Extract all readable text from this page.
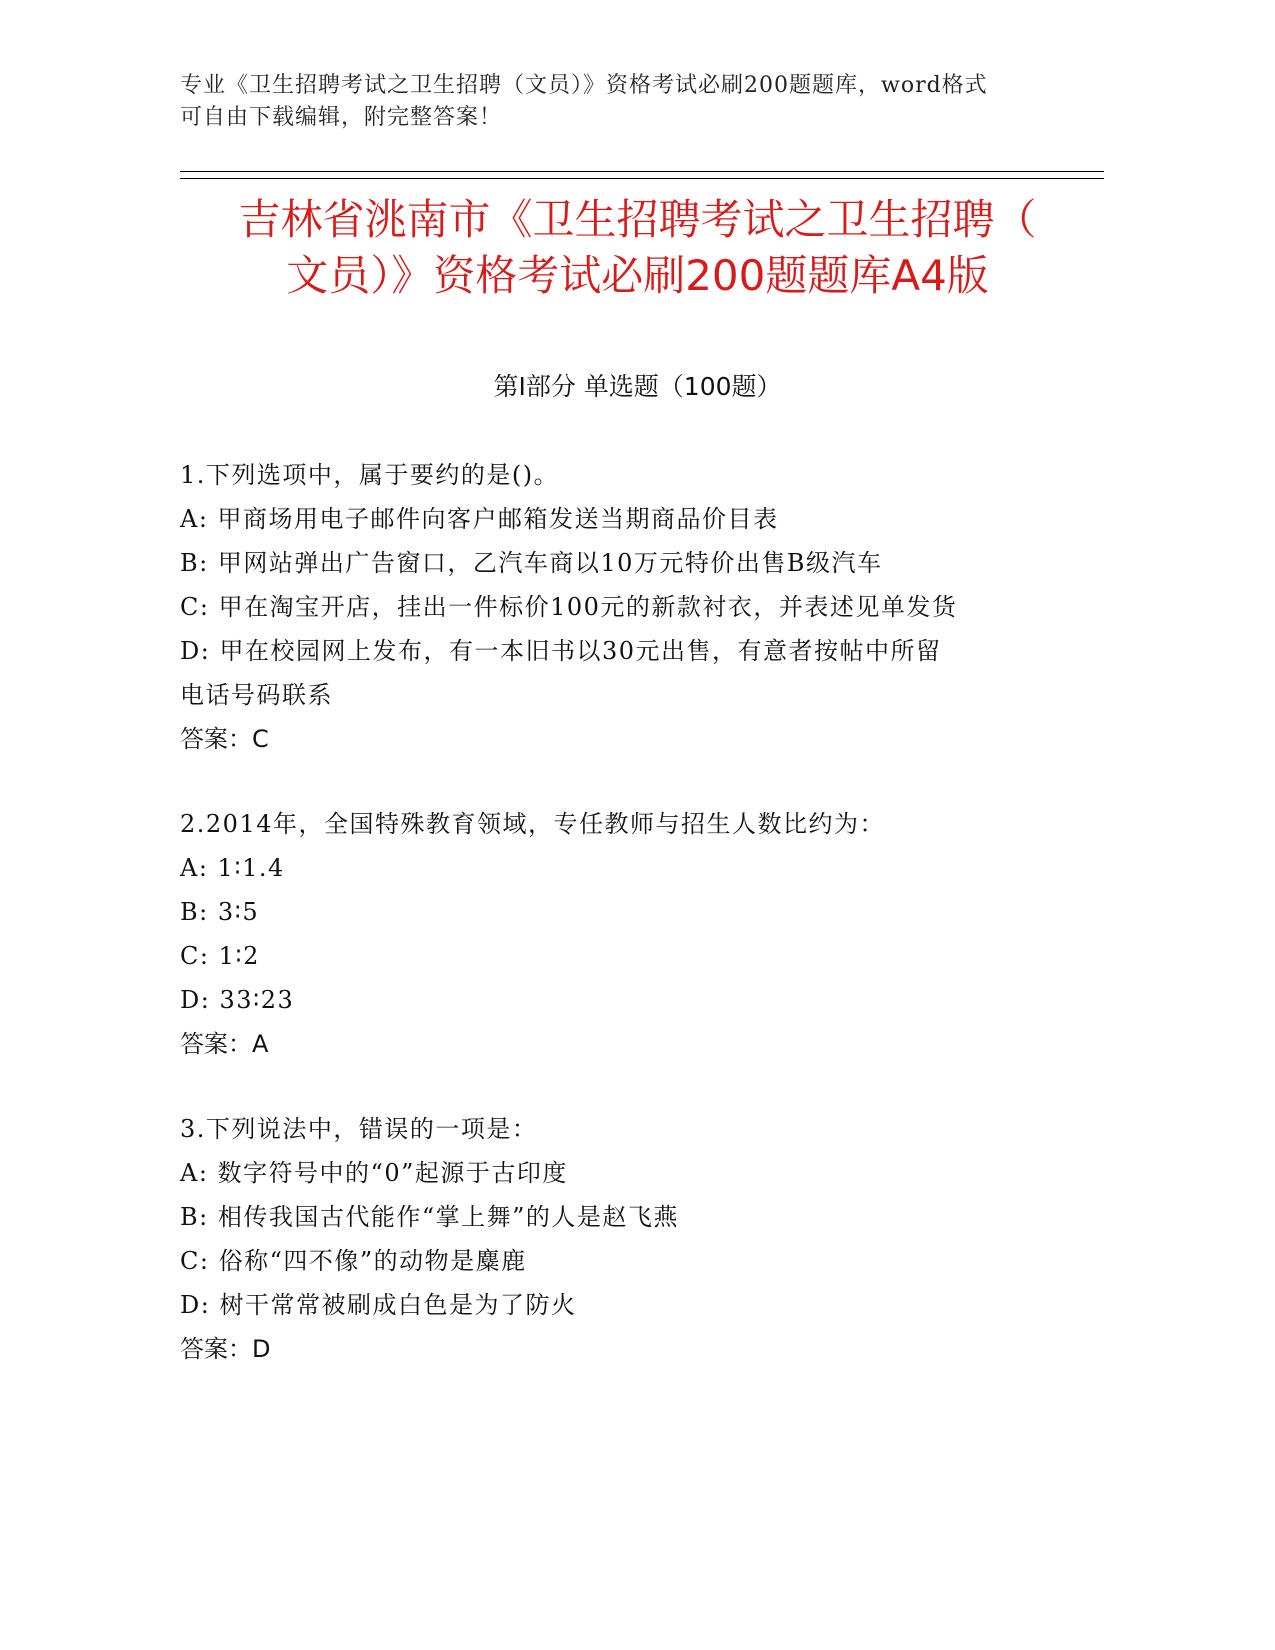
专业《卫生招聘考试之卫生招聘（文员）》资格考试必刷200题题库，word格式
可自由下载编辑，附完整答案！
吉林省洮南市《卫生招聘考试之卫生招聘（
文员）》资格考试必刷200题题库A4版
第Ⅰ部分 单选题（100题）
1.下列选项中，属于要约的是()。
A: 甲商场用电子邮件向客户邮箱发送当期商品价目表
B: 甲网站弹出广告窗口，乙汽车商以10万元特价出售B级汽车
C: 甲在淘宝开店，挂出一件标价100元的新款衬衣，并表述见单发货
D: 甲在校园网上发布，有一本旧书以30元出售，有意者按帖中所留
电话号码联系
答案：C
2.2014年，全国特殊教育领域，专任教师与招生人数比约为：
A: 1∶1.4
B: 3∶5
C: 1∶2
D: 33∶23
答案：A
3.下列说法中，错误的一项是：
A: 数字符号中的“0”起源于古印度
B: 相传我国古代能作“掌上舞”的人是赵飞燕
C: 俗称“四不像”的动物是麋鹿
D: 树干常常被刷成白色是为了防火
答案：D
